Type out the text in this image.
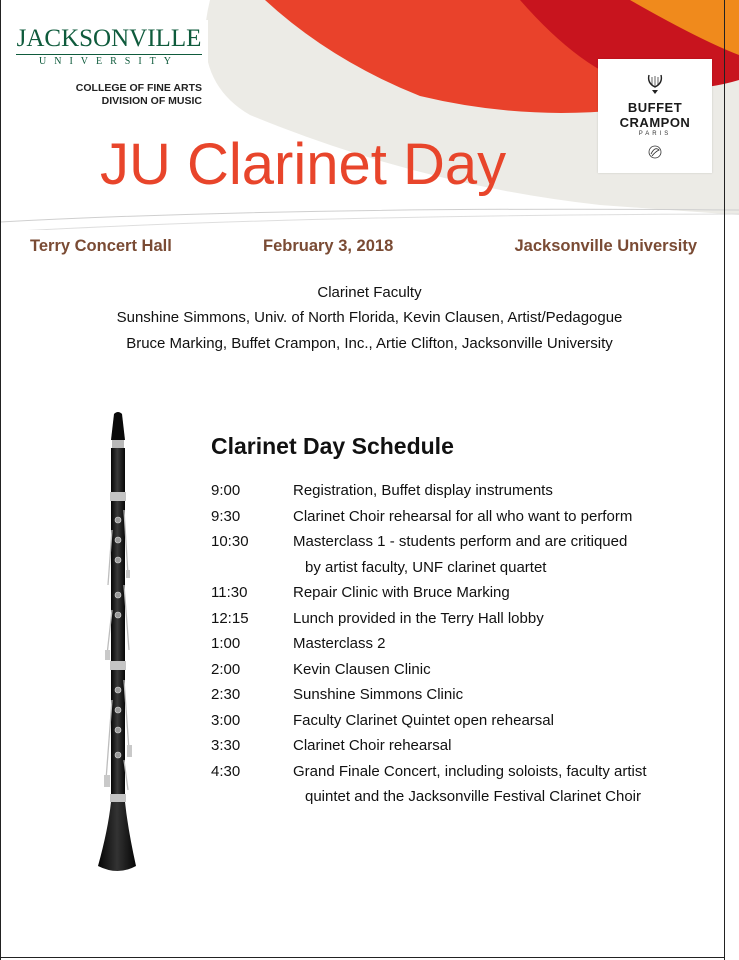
JACKSONVILLE
UNIVERSITY
COLLEGE OF FINE ARTS
DIVISION OF MUSIC	BUFFET
CRAMPON
PARIS
JU Clarinet Day
Terry Concert Hall	February 3, 2018	Jacksonville University
Clarinet Faculty
Sunshine Simmons, Univ. of North Florida, Kevin Clausen, Artist/Pedagogue
Bruce Marking, Buffet Crampon, Inc., Artie Clifton, Jacksonville University
Clarinet Day Schedule
9:00	Registration, Buffet display instruments
9:30	Clarinet Choir rehearsal for all who want to perform
10:30	Masterclass 1 - students perform and are critiqued
by artist faculty, UNF clarinet quartet
11:30	Repair Clinic with Bruce Marking
12:15	Lunch provided in the Terry Hall lobby
1:00	Masterclass 2
2:00	Kevin Clausen Clinic
2:30	Sunshine Simmons Clinic
3:00	Faculty Clarinet Quintet open rehearsal
3:30	Clarinet Choir rehearsal
4:30	Grand Finale Concert, including soloists, faculty artist
quintet and the Jacksonville Festival Clarinet Choir
